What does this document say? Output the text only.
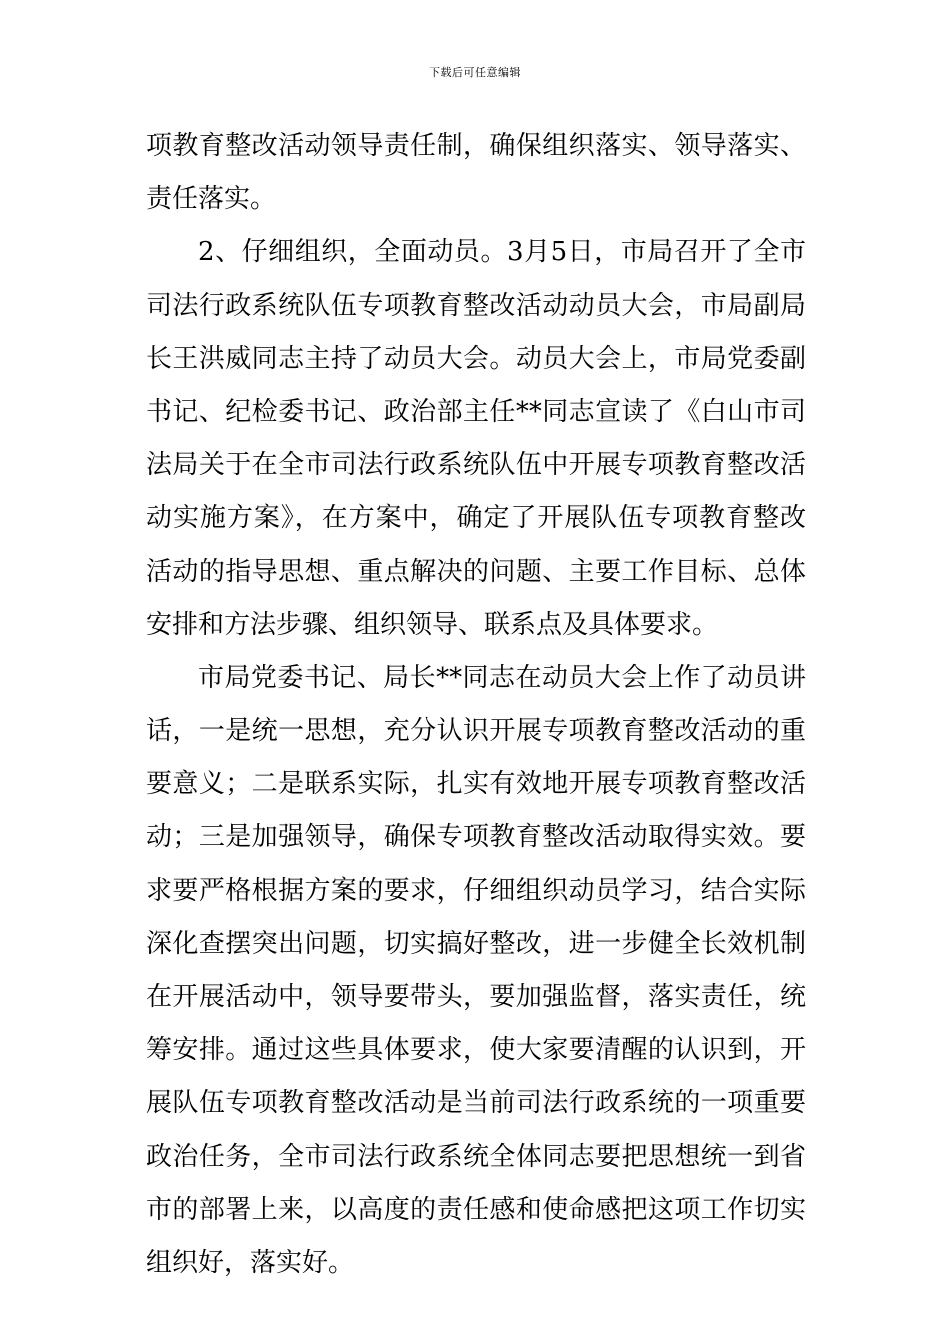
下载后可任意编辑
项教育整改活动领导责任制，确保组织落实、领导落实、
责任落实。
2、仔细组织，全面动员。3月5日，市局召开了全市
司法行政系统队伍专项教育整改活动动员大会，市局副局
长王洪威同志主持了动员大会。动员大会上，市局党委副
书记、纪检委书记、政治部主任**同志宣读了《白山市司
法局关于在全市司法行政系统队伍中开展专项教育整改活
动实施方案》，在方案中，确定了开展队伍专项教育整改
活动的指导思想、重点解决的问题、主要工作目标、总体
安排和方法步骤、组织领导、联系点及具体要求。
市局党委书记、局长**同志在动员大会上作了动员讲
话，一是统一思想，充分认识开展专项教育整改活动的重
要意义；二是联系实际，扎实有效地开展专项教育整改活
动；三是加强领导，确保专项教育整改活动取得实效。要
求要严格根据方案的要求，仔细组织动员学习，结合实际
深化查摆突出问题，切实搞好整改，进一步健全长效机制
在开展活动中，领导要带头，要加强监督，落实责任，统
筹安排。通过这些具体要求，使大家要清醒的认识到，开
展队伍专项教育整改活动是当前司法行政系统的一项重要
政治任务，全市司法行政系统全体同志要把思想统一到省
市的部署上来，以高度的责任感和使命感把这项工作切实
组织好，落实好。
